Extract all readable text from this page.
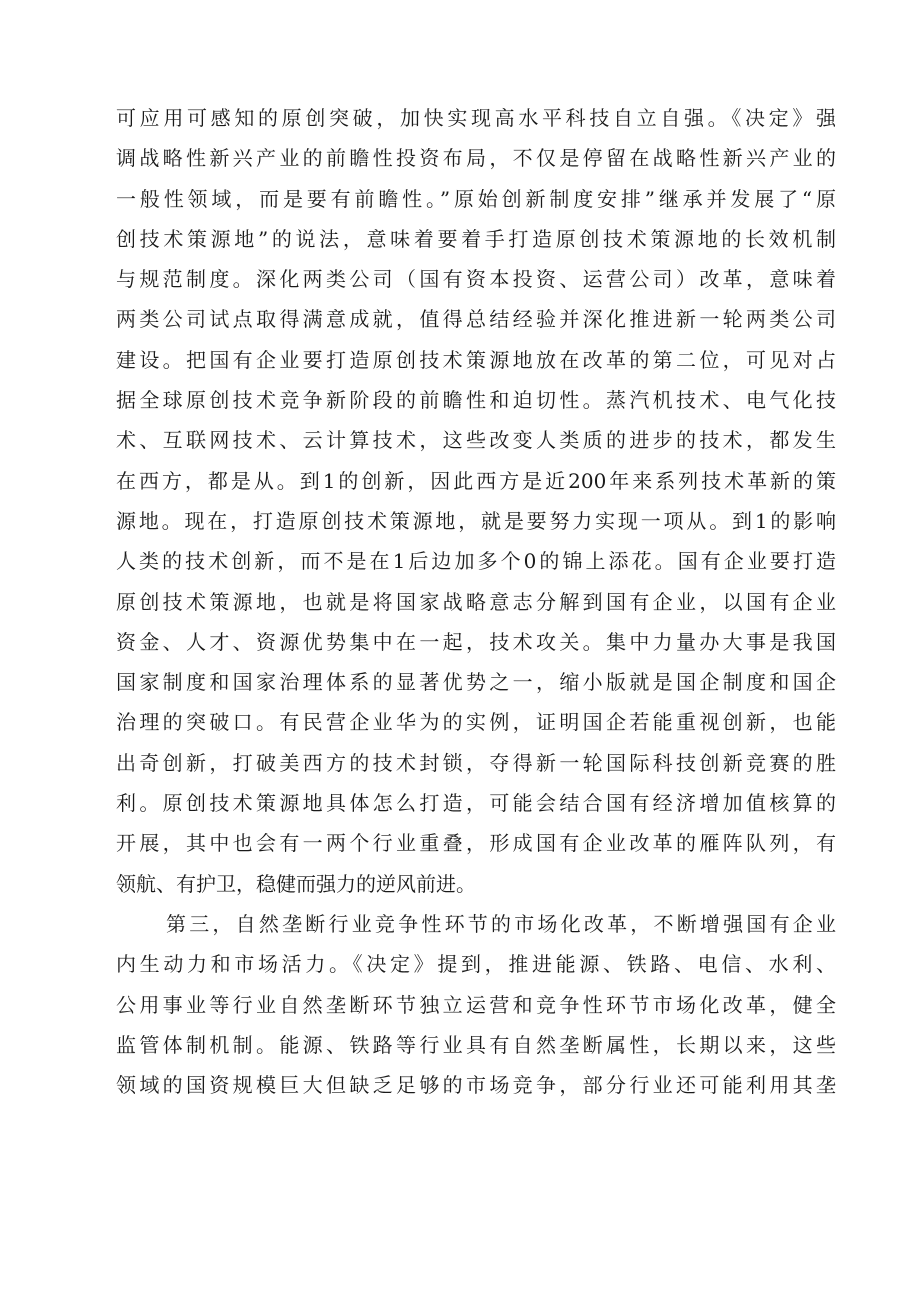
可应用可感知的原创突破，加快实现高水平科技自立自强。《决定》强
调战略性新兴产业的前瞻性投资布局，不仅是停留在战略性新兴产业的
一般性领域，而是要有前瞻性。”原始创新制度安排”继承并发展了“原
创技术策源地”的说法，意味着要着手打造原创技术策源地的长效机制
与规范制度。深化两类公司（国有资本投资、运营公司）改革，意味着
两类公司试点取得满意成就，值得总结经验并深化推进新一轮两类公司
建设。把国有企业要打造原创技术策源地放在改革的第二位，可见对占
据全球原创技术竞争新阶段的前瞻性和迫切性。蒸汽机技术、电气化技
术、互联网技术、云计算技术，这些改变人类质的进步的技术，都发生
在西方，都是从。到1的创新，因此西方是近200年来系列技术革新的策
源地。现在，打造原创技术策源地，就是要努力实现一项从。到1的影响
人类的技术创新，而不是在1后边加多个0的锦上添花。国有企业要打造
原创技术策源地，也就是将国家战略意志分解到国有企业，以国有企业
资金、人才、资源优势集中在一起，技术攻关。集中力量办大事是我国
国家制度和国家治理体系的显著优势之一，缩小版就是国企制度和国企
治理的突破口。有民营企业华为的实例，证明国企若能重视创新，也能
出奇创新，打破美西方的技术封锁，夺得新一轮国际科技创新竞赛的胜
利。原创技术策源地具体怎么打造，可能会结合国有经济增加值核算的
开展，其中也会有一两个行业重叠，形成国有企业改革的雁阵队列，有
领航、有护卫，稳健而强力的逆风前进。
第三，自然垄断行业竞争性环节的市场化改革，不断增强国有企业
内生动力和市场活力。《决定》提到，推进能源、铁路、电信、水利、
公用事业等行业自然垄断环节独立运营和竞争性环节市场化改革，健全
监管体制机制。能源、铁路等行业具有自然垄断属性，长期以来，这些
领域的国资规模巨大但缺乏足够的市场竞争，部分行业还可能利用其垄
